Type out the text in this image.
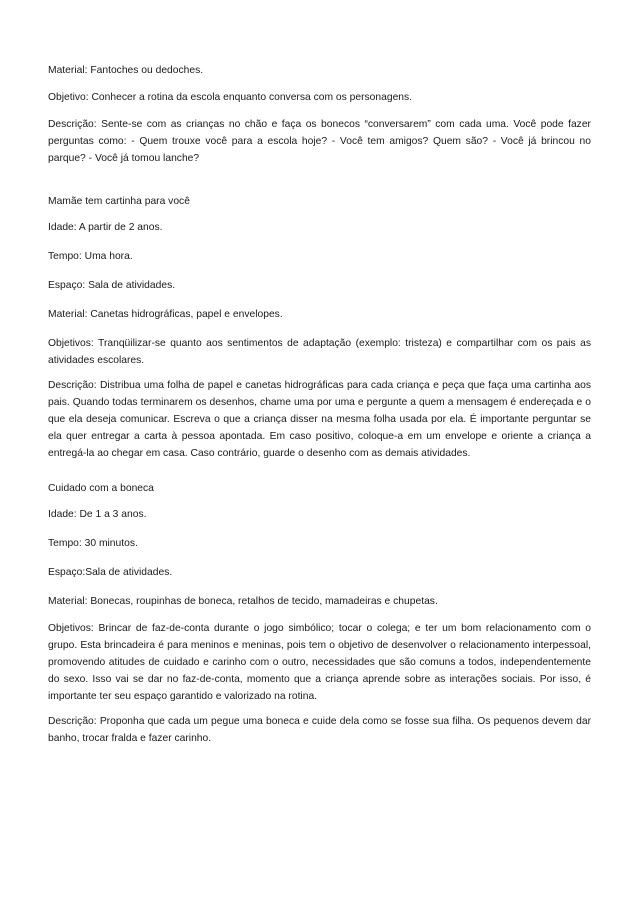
Material: Fantoches ou dedoches.

Objetivo: Conhecer a rotina da escola enquanto conversa com os personagens.

Descrição: Sente-se com as crianças no chão e faça os bonecos “conversarem” com cada uma. Você pode fazer perguntas como: - Quem trouxe você para a escola hoje? - Você tem amigos? Quem são? - Você já brincou no parque? - Você já tomou lanche?

Mamãe tem cartinha para você

Idade: A partir de 2 anos.

Tempo: Uma hora.

Espaço: Sala de atividades.

Material: Canetas hidrográficas, papel e envelopes.

Objetivos: Tranqüilizar-se quanto aos sentimentos de adaptação (exemplo: tristeza) e compartilhar com os pais as atividades escolares.

Descrição: Distribua uma folha de papel e canetas hidrográficas para cada criança e peça que faça uma cartinha aos pais. Quando todas terminarem os desenhos, chame uma por uma e pergunte a quem a mensagem é endereçada e o que ela deseja comunicar. Escreva o que a criança disser na mesma folha usada por ela. É importante perguntar se ela quer entregar a carta à pessoa apontada. Em caso positivo, coloque-a em um envelope e oriente a criança a entregá-la ao chegar em casa. Caso contrário, guarde o desenho com as demais atividades.

Cuidado com a boneca

Idade: De 1 a 3 anos.

Tempo: 30 minutos.

Espaço:Sala de atividades.

Material: Bonecas, roupinhas de boneca, retalhos de tecido, mamadeiras e chupetas.

Objetivos: Brincar de faz-de-conta durante o jogo simbólico; tocar o colega; e ter um bom relacionamento com o grupo. Esta brincadeira é para meninos e meninas, pois tem o objetivo de desenvolver o relacionamento interpessoal, promovendo atitudes de cuidado e carinho com o outro, necessidades que são comuns a todos, independentemente do sexo. Isso vai se dar no faz-de-conta, momento que a criança aprende sobre as interações sociais. Por isso, é importante ter seu espaço garantido e valorizado na rotina.

Descrição: Proponha que cada um pegue uma boneca e cuide dela como se fosse sua filha. Os pequenos devem dar banho, trocar fralda e fazer carinho.
